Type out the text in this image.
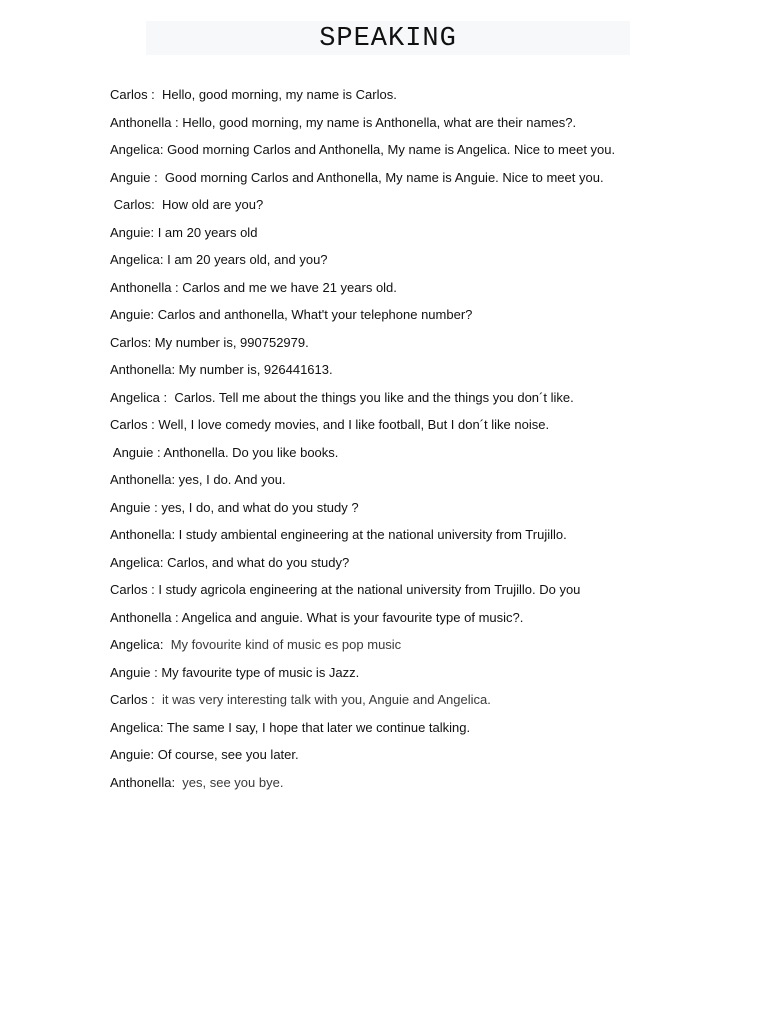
SPEAKING
Carlos :  Hello, good morning, my name is Carlos.
Anthonella : Hello, good morning, my name is Anthonella, what are their names?.
Angelica: Good morning Carlos and Anthonella, My name is Angelica. Nice to meet you.
Anguie :  Good morning Carlos and Anthonella, My name is Anguie. Nice to meet you.
Carlos:  How old are you?
Anguie: I am 20 years old
Angelica: I am 20 years old, and you?
Anthonella : Carlos and me we have 21 years old.
Anguie: Carlos and anthonella, What't your telephone number?
Carlos: My number is, 990752979.
Anthonella: My number is, 926441613.
Angelica :  Carlos. Tell me about the things you like and the things you don´t like.
Carlos : Well, I love comedy movies, and I like football, But I don´t like noise.
Anguie : Anthonella. Do you like books.
Anthonella: yes, I do. And you.
Anguie : yes, I do, and what do you study ?
Anthonella: I study ambiental engineering at the national university from Trujillo.
Angelica: Carlos, and what do you study?
Carlos : I study agricola engineering at the national university from Trujillo. Do you
Anthonella : Angelica and anguie. What is your favourite type of music?.
Angelica:  My fovourite kind of music es pop music
Anguie : My favourite type of music is Jazz.
Carlos :  it was very interesting talk with you, Anguie and Angelica.
Angelica: The same I say, I hope that later we continue talking.
Anguie: Of course, see you later.
Anthonella:  yes, see you bye.
